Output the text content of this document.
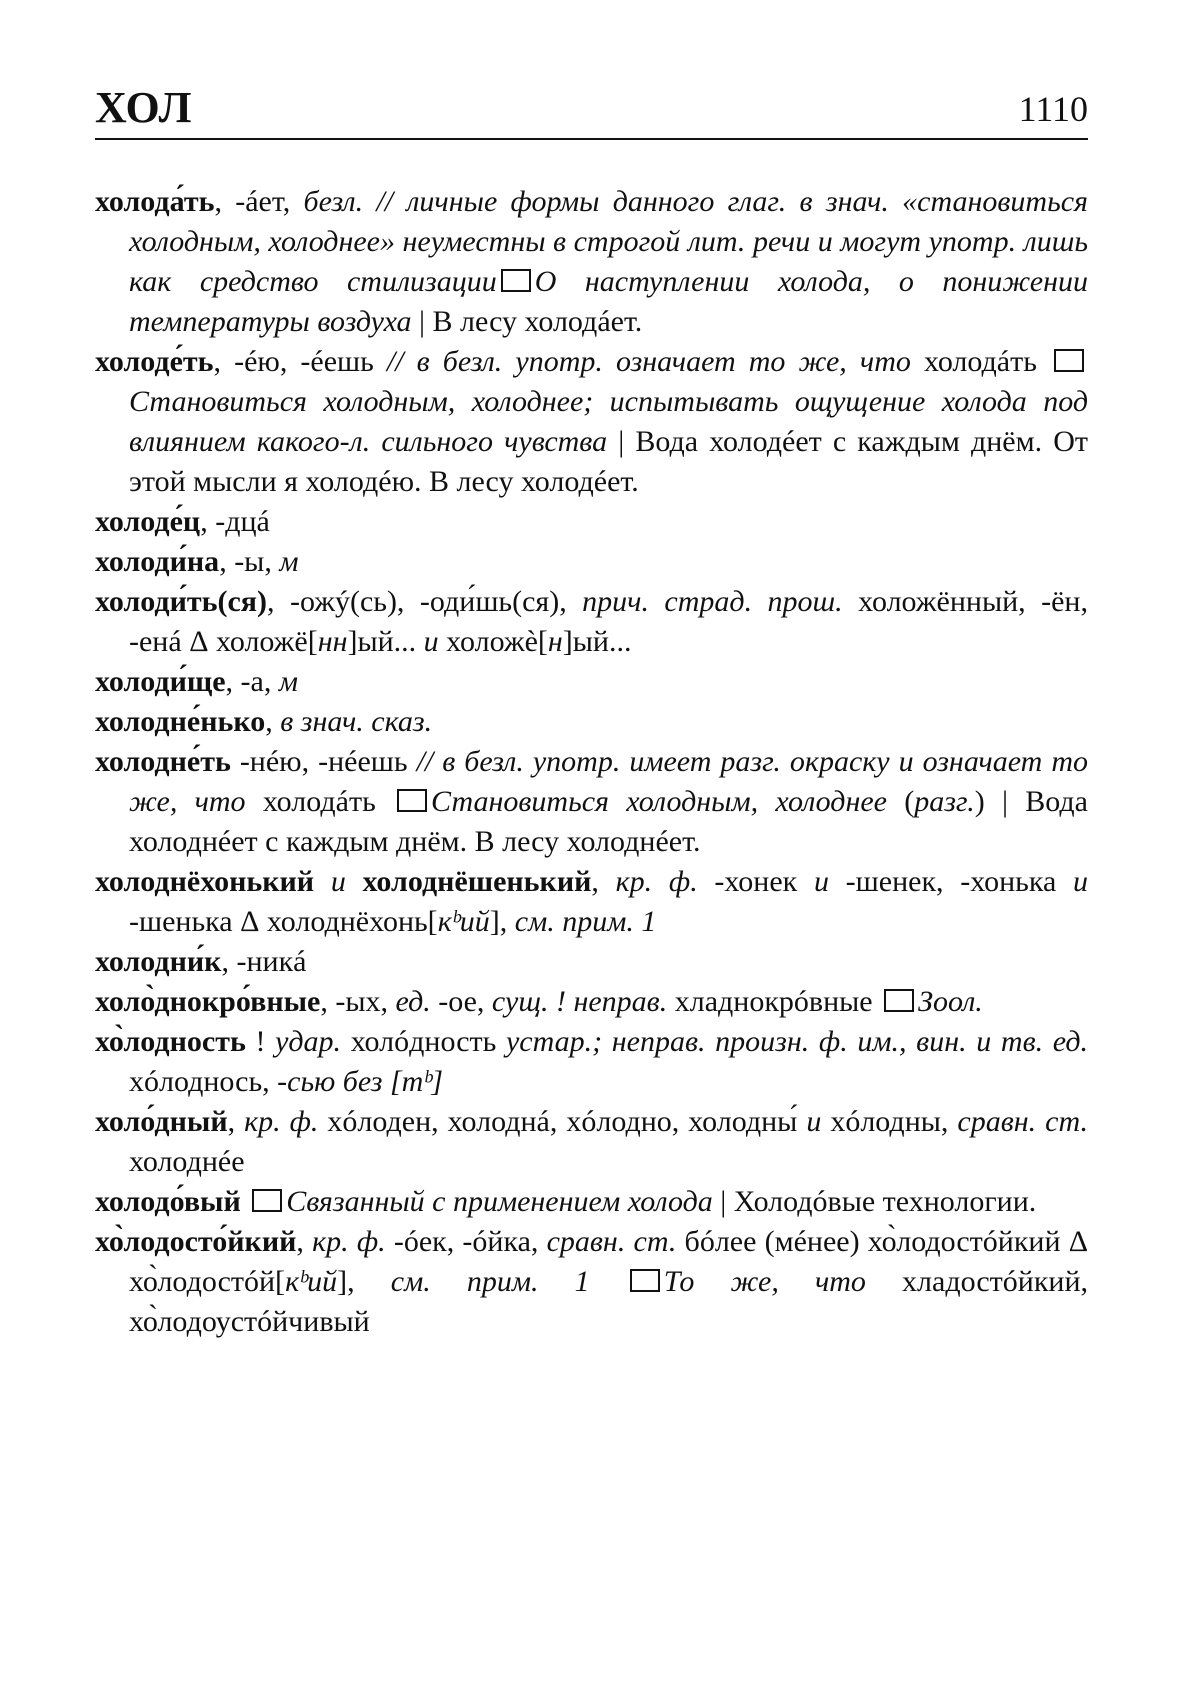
ХОЛ	1110
холода́ть, -áет, безл. // личные формы данного глаг. в знач. «становиться холодным, холоднее» неуместны в строгой лит. речи и могут употр. лишь как средство стилизации О наступлении холода, о понижении температуры воздуха | В лесу холодáет.
холоде́ть, -éю, -éешь // в безл. употр. означает то же, что холодáть Становиться холодным, холоднее; испытывать ощущение холода под влиянием какого-л. сильного чувства | Вода холодéет с каждым днём. От этой мысли я холодéю. В лесу холодéет.
холоде́ц, -дцá
холоди́на, -ы, м
холоди́ть(ся), -ожý(сь), -оди́шь(ся), прич. страд. прош. холожённый, -ён, -енá Δ холожё[нн]ый... и холожѐ[н]ый...
холоди́ще, -а, м
холодне́нько, в знач. сказ.
холодне́ть -нéю, -нéешь // в безл. употр. имеет разг. окраску и означает то же, что холодáть Становиться холодным, холоднее (разг.) | Вода холоднéет с каждым днём. В лесу холоднéет.
холоднёхонький и холоднёшенький, кр. ф. -хонек и -шенек, -хонька и -шенька Δ холоднёхонь[кᵇий], см. прим. 1
холодни́к, -никá
холо̀днокро́вные, -ых, ед. -ое, сущ. ! неправ. хладнокрóвные Зоол.
хо̀лодность ! удар. холóдность устар.; неправ. произн. ф. им., вин. и тв. ед. хóлоднось, -сью без [тᵇ]
холо́дный, кр. ф. хóлоден, холоднá, хóлодно, холодны́ и хóлодны, сравн. ст. холоднéе
холодо́вый Связанный с применением холода | Холодóвые технологии.
хо̀лодосто́йкий, кр. ф. -óек, -óйка, сравн. ст. бóлее (мéнее) хо̀лодостóйкий Δ хо̀лодостóй[кᵇий], см. прим. 1 То же, что хладостóйкий, хо̀лодоустóйчивый
